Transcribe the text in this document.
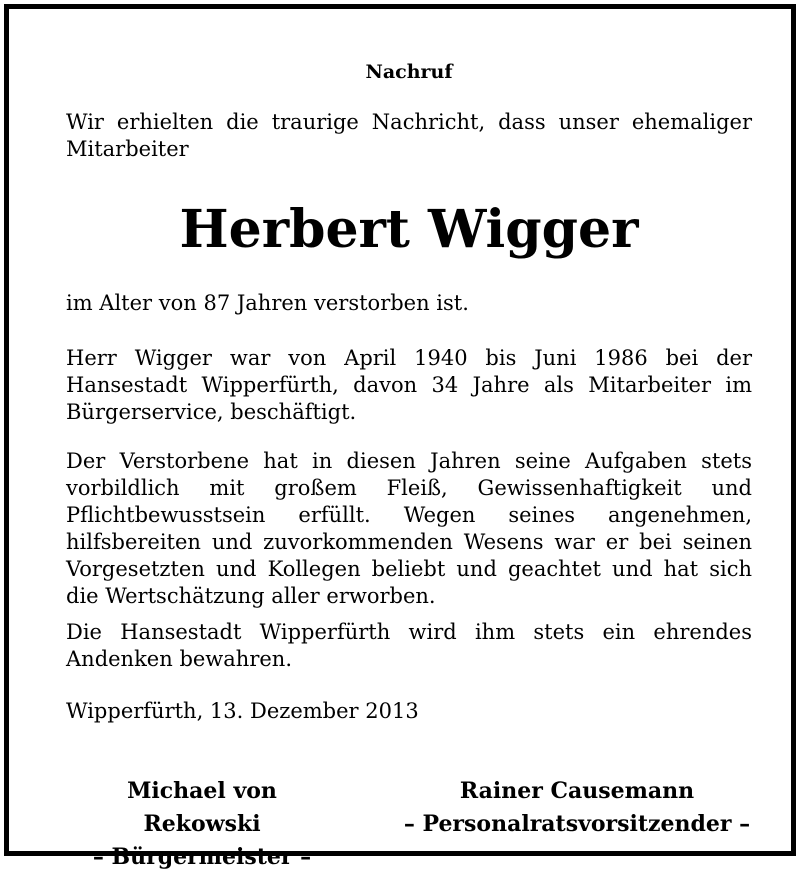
Nachruf

Wir erhielten die traurige Nachricht, dass unser ehemaliger Mitarbeiter

Herbert Wigger

im Alter von 87 Jahren verstorben ist.

Herr Wigger war von April 1940 bis Juni 1986 bei der Hansestadt Wipperfürth, davon 34 Jahre als Mitarbeiter im Bürgerservice, beschäftigt.

Der Verstorbene hat in diesen Jahren seine Aufgaben stets vorbildlich mit großem Fleiß, Gewissenhaftigkeit und Pflichtbewusstsein erfüllt. Wegen seines angenehmen, hilfsbereiten und zuvorkommenden Wesens war er bei seinen Vorgesetzten und Kollegen beliebt und geachtet und hat sich die Wertschätzung aller erworben.

Die Hansestadt Wipperfürth wird ihm stets ein ehrendes Andenken bewahren.

Wipperfürth, 13. Dezember 2013

Michael von Rekowski
– Bürgermeister –
Rainer Causemann
– Personalratsvorsitzender –
